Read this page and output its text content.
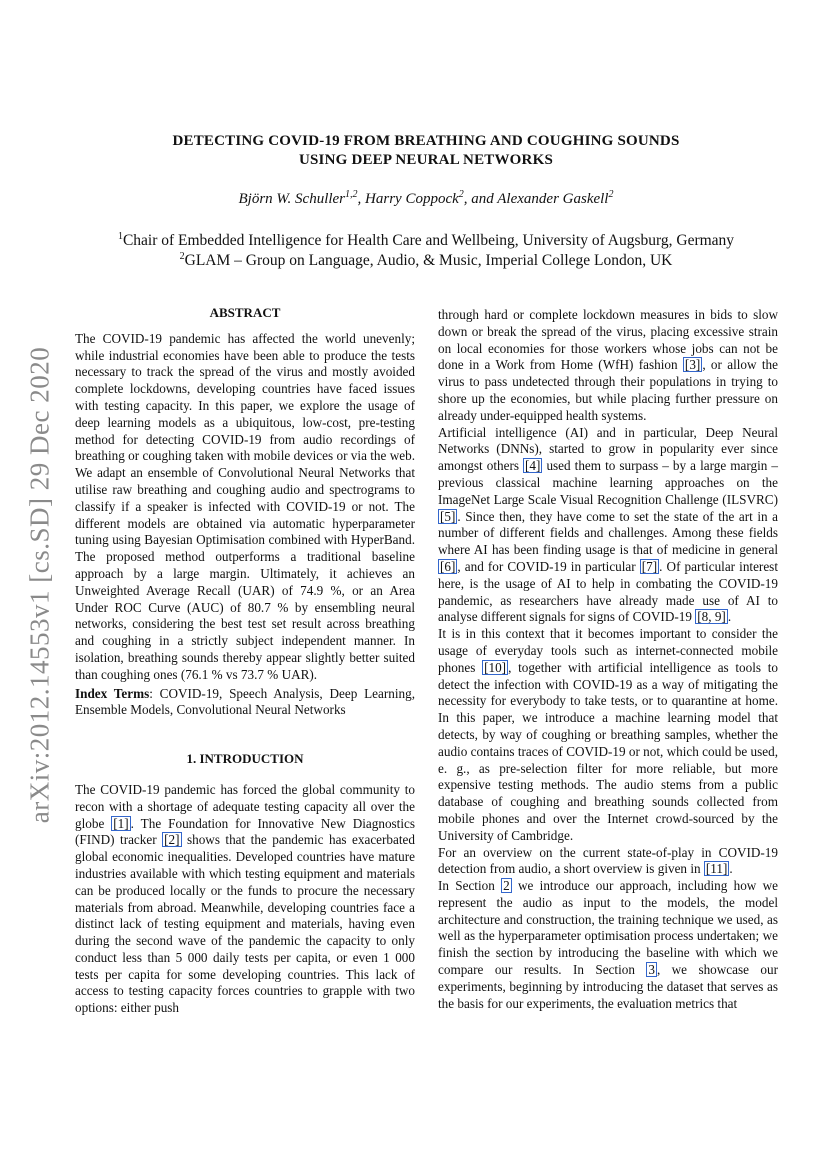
arXiv:2012.14553v1 [cs.SD] 29 Dec 2020
DETECTING COVID-19 FROM BREATHING AND COUGHING SOUNDS
USING DEEP NEURAL NETWORKS
Björn W. Schuller$^{1,2}$, Harry Coppock$^2$, and Alexander Gaskell$^2$
$^1$Chair of Embedded Intelligence for Health Care and Wellbeing, University of Augsburg, Germany
$^2$GLAM – Group on Language, Audio, & Music, Imperial College London, UK
ABSTRACT

The COVID-19 pandemic has affected the world unevenly; while industrial economies have been able to produce the tests necessary to track the spread of the virus and mostly avoided complete lockdowns, developing countries have faced issues with testing capacity. In this paper, we explore the usage of deep learning models as a ubiquitous, low-cost, pre-testing method for detecting COVID-19 from audio recordings of breathing or coughing taken with mobile devices or via the web. We adapt an ensemble of Convolutional Neural Networks that utilise raw breathing and coughing audio and spectrograms to classify if a speaker is infected with COVID-19 or not. The different models are obtained via automatic hyperparameter tuning using Bayesian Optimisation combined with HyperBand. The proposed method outperforms a traditional baseline approach by a large margin. Ultimately, it achieves an Unweighted Average Recall (UAR) of 74.9 %, or an Area Under ROC Curve (AUC) of 80.7 % by ensembling neural networks, considering the best test set result across breathing and coughing in a strictly subject independent manner. In isolation, breathing sounds thereby appear slightly better suited than coughing ones (76.1 % vs 73.7 % UAR).

Index Terms: COVID-19, Speech Analysis, Deep Learning, Ensemble Models, Convolutional Neural Networks

1. INTRODUCTION

The COVID-19 pandemic has forced the global community to recon with a shortage of adequate testing capacity all over the globe [1] . The Foundation for Innovative New Diagnostics (FIND) tracker [2] shows that the pandemic has exacerbated global economic inequalities. Developed countries have mature industries available with which testing equipment and materials can be produced locally or the funds to procure the necessary materials from abroad. Meanwhile, developing countries face a distinct lack of testing equipment and materials, having even during the second wave of the pandemic the capacity to only conduct less than 5 000 daily tests per capita, or even 1 000 tests per capita for some developing countries. This lack of access to testing capacity forces countries to grapple with two options: either push

through hard or complete lockdown measures in bids to slow down or break the spread of the virus, placing excessive strain on local economies for those workers whose jobs can not be done in a Work from Home (WfH) fashion [3] , or allow the virus to pass undetected through their populations in trying to shore up the economies, but while placing further pressure on already under-equipped health systems.

Artificial intelligence (AI) and in particular, Deep Neural Networks (DNNs), started to grow in popularity ever since amongst others [4] used them to surpass – by a large margin – previous classical machine learning approaches on the ImageNet Large Scale Visual Recognition Challenge (ILSVRC) [5] . Since then, they have come to set the state of the art in a number of different fields and challenges. Among these fields where AI has been finding usage is that of medicine in general [6] , and for COVID-19 in particular [7] . Of particular interest here, is the usage of AI to help in combating the COVID-19 pandemic, as researchers have already made use of AI to analyse different signals for signs of COVID-19 [8, 9] .

It is in this context that it becomes important to consider the usage of everyday tools such as internet-connected mobile phones [10] , together with artificial intelligence as tools to detect the infection with COVID-19 as a way of mitigating the necessity for everybody to take tests, or to quarantine at home. In this paper, we introduce a machine learning model that detects, by way of coughing or breathing samples, whether the audio contains traces of COVID-19 or not, which could be used, e. g., as pre-selection filter for more reliable, but more expensive testing methods. The audio stems from a public database of coughing and breathing sounds collected from mobile phones and over the Internet crowd-sourced by the University of Cambridge.

For an overview on the current state-of-play in COVID-19 detection from audio, a short overview is given in [11] .

In Section 2 we introduce our approach, including how we represent the audio as input to the models, the model architecture and construction, the training technique we used, as well as the hyperparameter optimisation process undertaken; we finish the section by introducing the baseline with which we compare our results. In Section 3 , we showcase our experiments, beginning by introducing the dataset that serves as the basis for our experiments, the evaluation metrics that
